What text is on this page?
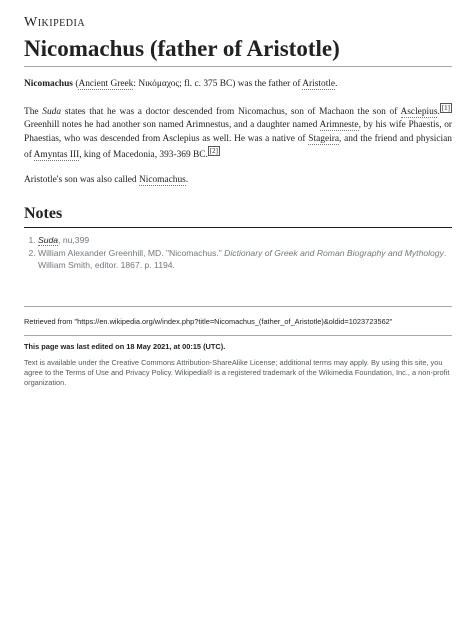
Wikipedia
Nicomachus (father of Aristotle)

Nicomachus (Ancient Greek: Νικόμαχος; fl. c. 375 BC) was the father of Aristotle.

The Suda states that he was a doctor descended from Nicomachus, son of Machaon the son of Asclepius. [1] Greenhill notes he had another son named Arimnestus, and a daughter named Arimneste, by his wife Phaestis, or Phaestias, who was descended from Asclepius as well. He was a native of Stageira, and the friend and physician of Amyntas III, king of Macedonia, 393-369 BC. [2]

Aristotle's son was also called Nicomachus.

Notes
1. Suda, nu,399
2. William Alexander Greenhill, MD. "Nicomachus." Dictionary of Greek and Roman Biography and Mythology. William Smith, editor. 1867. p. 1194.
Retrieved from "https://en.wikipedia.org/w/index.php?title=Nicomachus_(father_of_Aristotle)&oldid=1023723562"
This page was last edited on 18 May 2021, at 00:15 (UTC).
Text is available under the Creative Commons Attribution-ShareAlike License; additional terms may apply. By using this site, you agree to the Terms of Use and Privacy Policy. Wikipedia® is a registered trademark of the Wikimedia Foundation, Inc., a non-profit organization.
